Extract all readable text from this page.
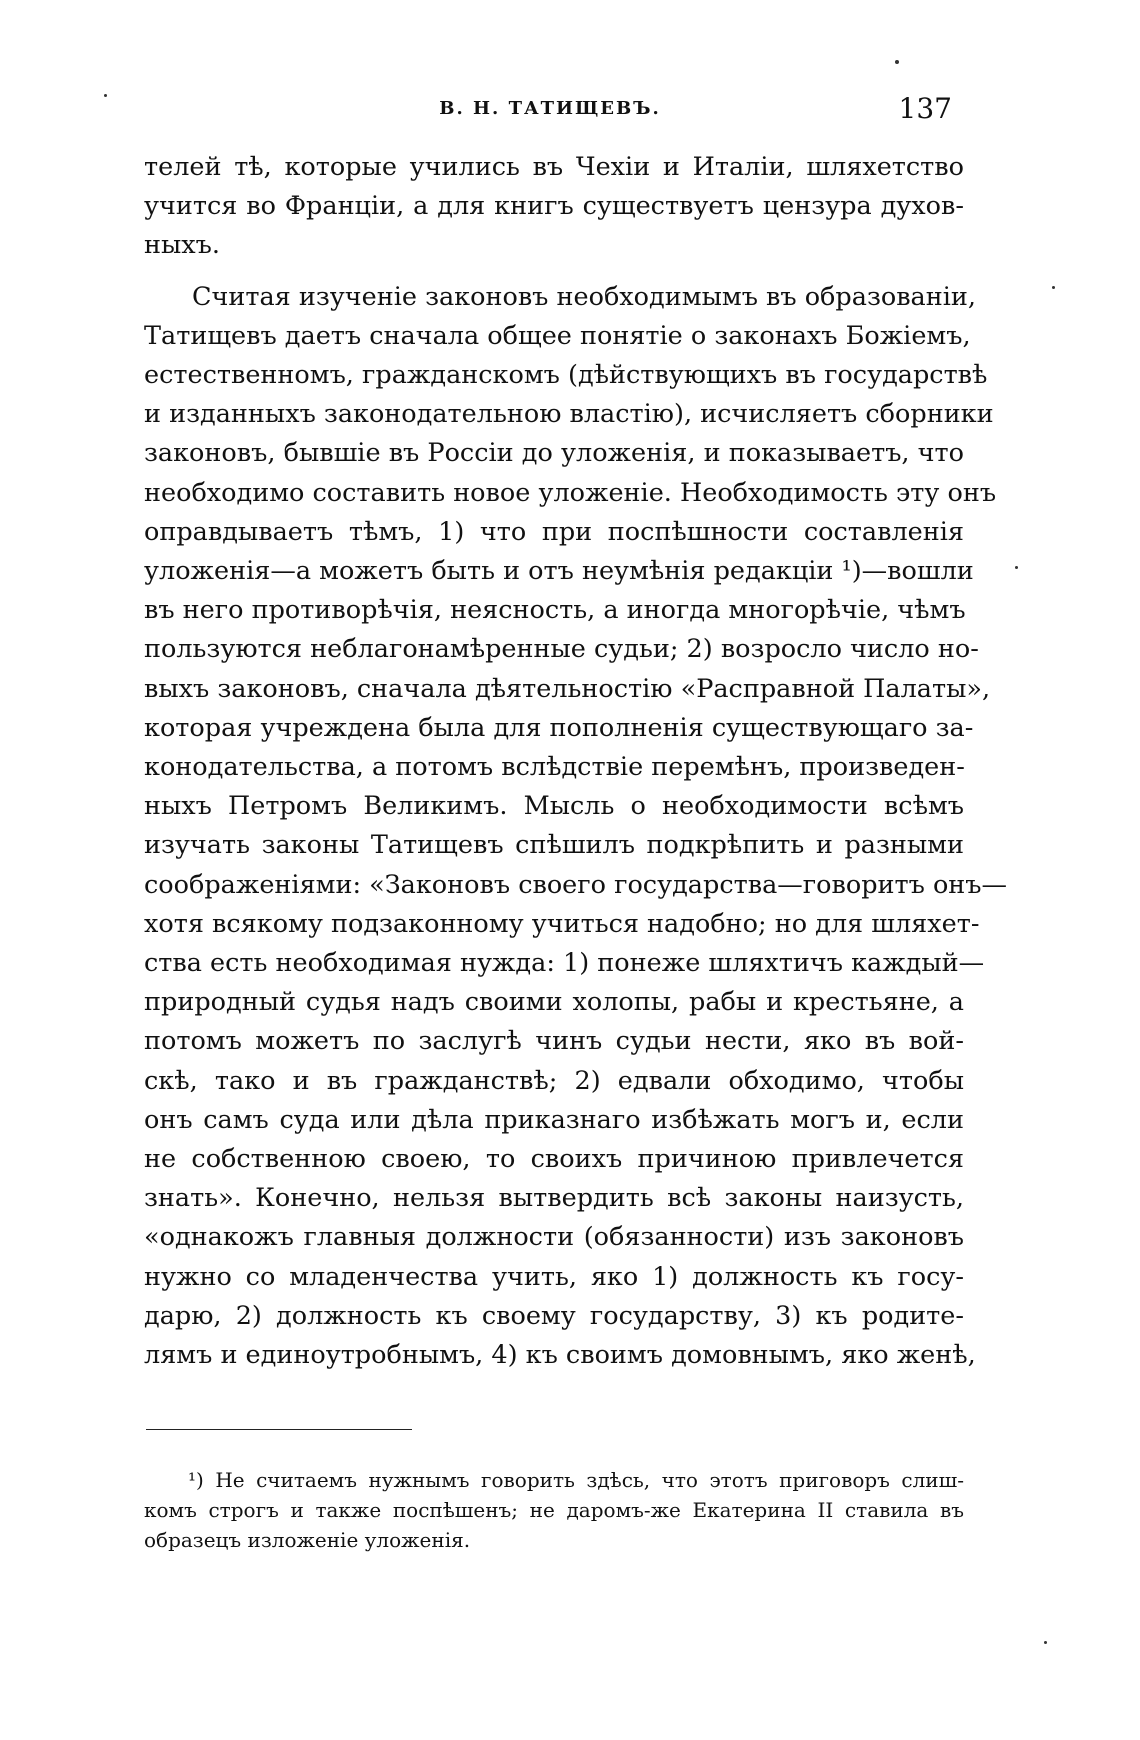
В. Н. ТАТИЩЕВЪ.	137
телей тѣ, которые учились въ Чехіи и Италіи, шляхетство
учится во Франціи, а для книгъ существуетъ цензура духов-
ныхъ.
Считая изученіе законовъ необходимымъ въ образованіи,
Татищевъ даетъ сначала общее понятіе о законахъ Божіемъ,
естественномъ, гражданскомъ (дѣйствующихъ въ государствѣ
и изданныхъ законодательною властію), исчисляетъ сборники
законовъ, бывшіе въ Россіи до уложенія, и показываетъ, что
необходимо составить новое уложеніе. Необходимость эту онъ
оправдываетъ тѣмъ, 1) что при поспѣшности составленія
уложенія—а можетъ быть и отъ неумѣнія редакціи ¹)—вошли
въ него противорѣчія, неясность, а иногда многорѣчіе, чѣмъ
пользуются неблагонамѣренные судьи; 2) возросло число но-
выхъ законовъ, сначала дѣятельностію «Расправной Палаты»,
которая учреждена была для пополненія существующаго за-
конодательства, а потомъ вслѣдствіе перемѣнъ, произведен-
ныхъ Петромъ Великимъ. Мысль о необходимости всѣмъ
изучать законы Татищевъ спѣшилъ подкрѣпить и разными
соображеніями: «Законовъ своего государства—говоритъ онъ—
хотя всякому подзаконному учиться надобно; но для шляхет-
ства есть необходимая нужда: 1) понеже шляхтичъ каждый—
природный судья надъ своими холопы, рабы и крестьяне, а
потомъ можетъ по заслугѣ чинъ судьи нести, яко въ вой-
скѣ, тако и въ гражданствѣ; 2) едвали обходимо, чтобы
онъ самъ суда или дѣла приказнаго избѣжать могъ и, если
не собственною своею, то своихъ причиною привлечется
знать». Конечно, нельзя вытвердить всѣ законы наизусть,
«однакожъ главныя должности (обязанности) изъ законовъ
нужно со младенчества учить, яко 1) должность къ госу-
дарю, 2) должность къ своему государству, 3) къ родите-
лямъ и единоутробнымъ, 4) къ своимъ домовнымъ, яко женѣ,
¹) Не считаемъ нужнымъ говорить здѣсь, что этотъ приговоръ слиш-
комъ строгъ и также поспѣшенъ; не даромъ-же Екатерина II ставила въ
образецъ изложеніе уложенія.
